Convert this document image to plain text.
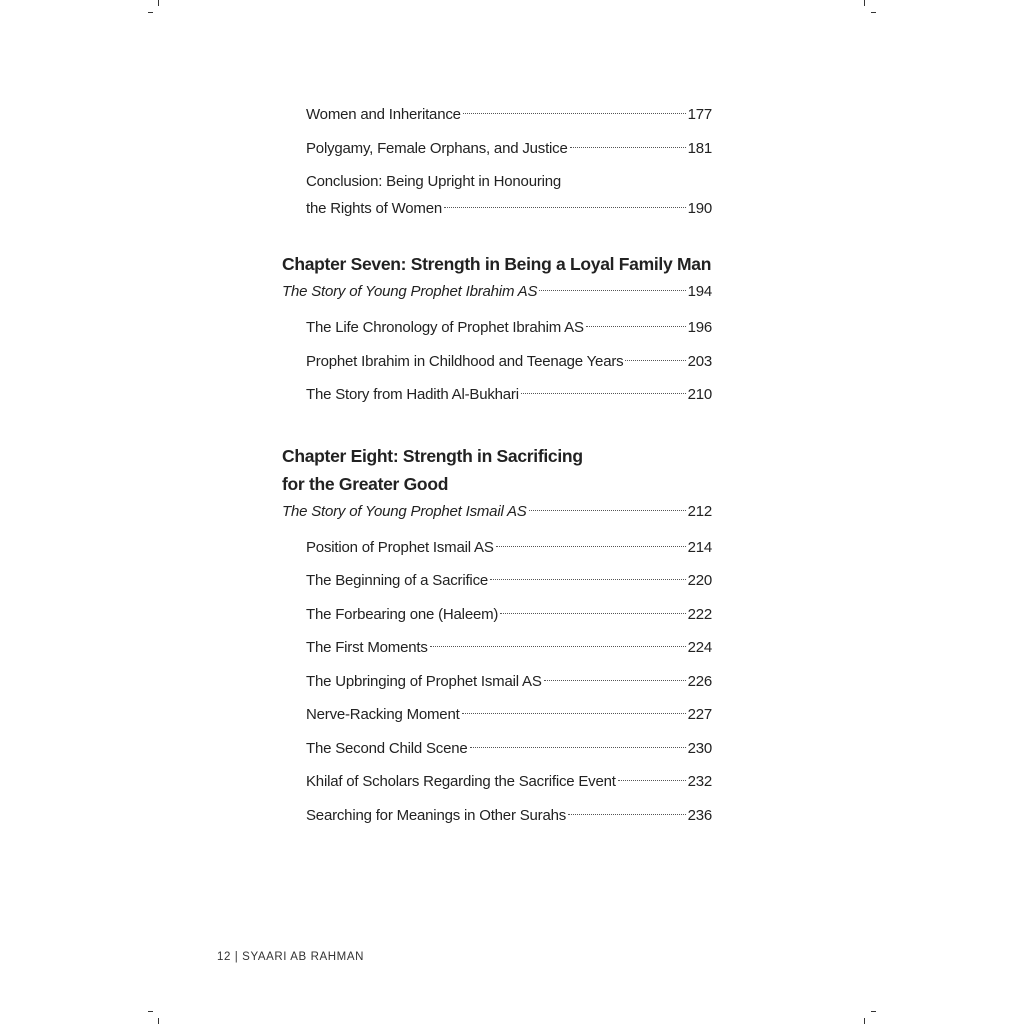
Women and Inheritance	177
Polygamy, Female Orphans, and Justice	181
Conclusion: Being Upright in Honouring
the Rights of Women	190
Chapter Seven: Strength in Being a Loyal Family Man
The Story of Young Prophet Ibrahim AS	194
The Life Chronology of Prophet Ibrahim AS	196
Prophet Ibrahim in Childhood and Teenage Years	203
The Story from Hadith Al-Bukhari	210
Chapter Eight: Strength in Sacrificing
for the Greater Good
The Story of Young Prophet Ismail AS	212
Position of Prophet Ismail AS	214
The Beginning of a Sacrifice	220
The Forbearing one (Haleem)	222
The First Moments	224
The Upbringing of Prophet Ismail AS	226
Nerve-Racking Moment	227
The Second Child Scene	230
Khilaf of Scholars Regarding the Sacrifice Event	232
Searching for Meanings in Other Surahs	236
12 | SYAARI AB RAHMAN
